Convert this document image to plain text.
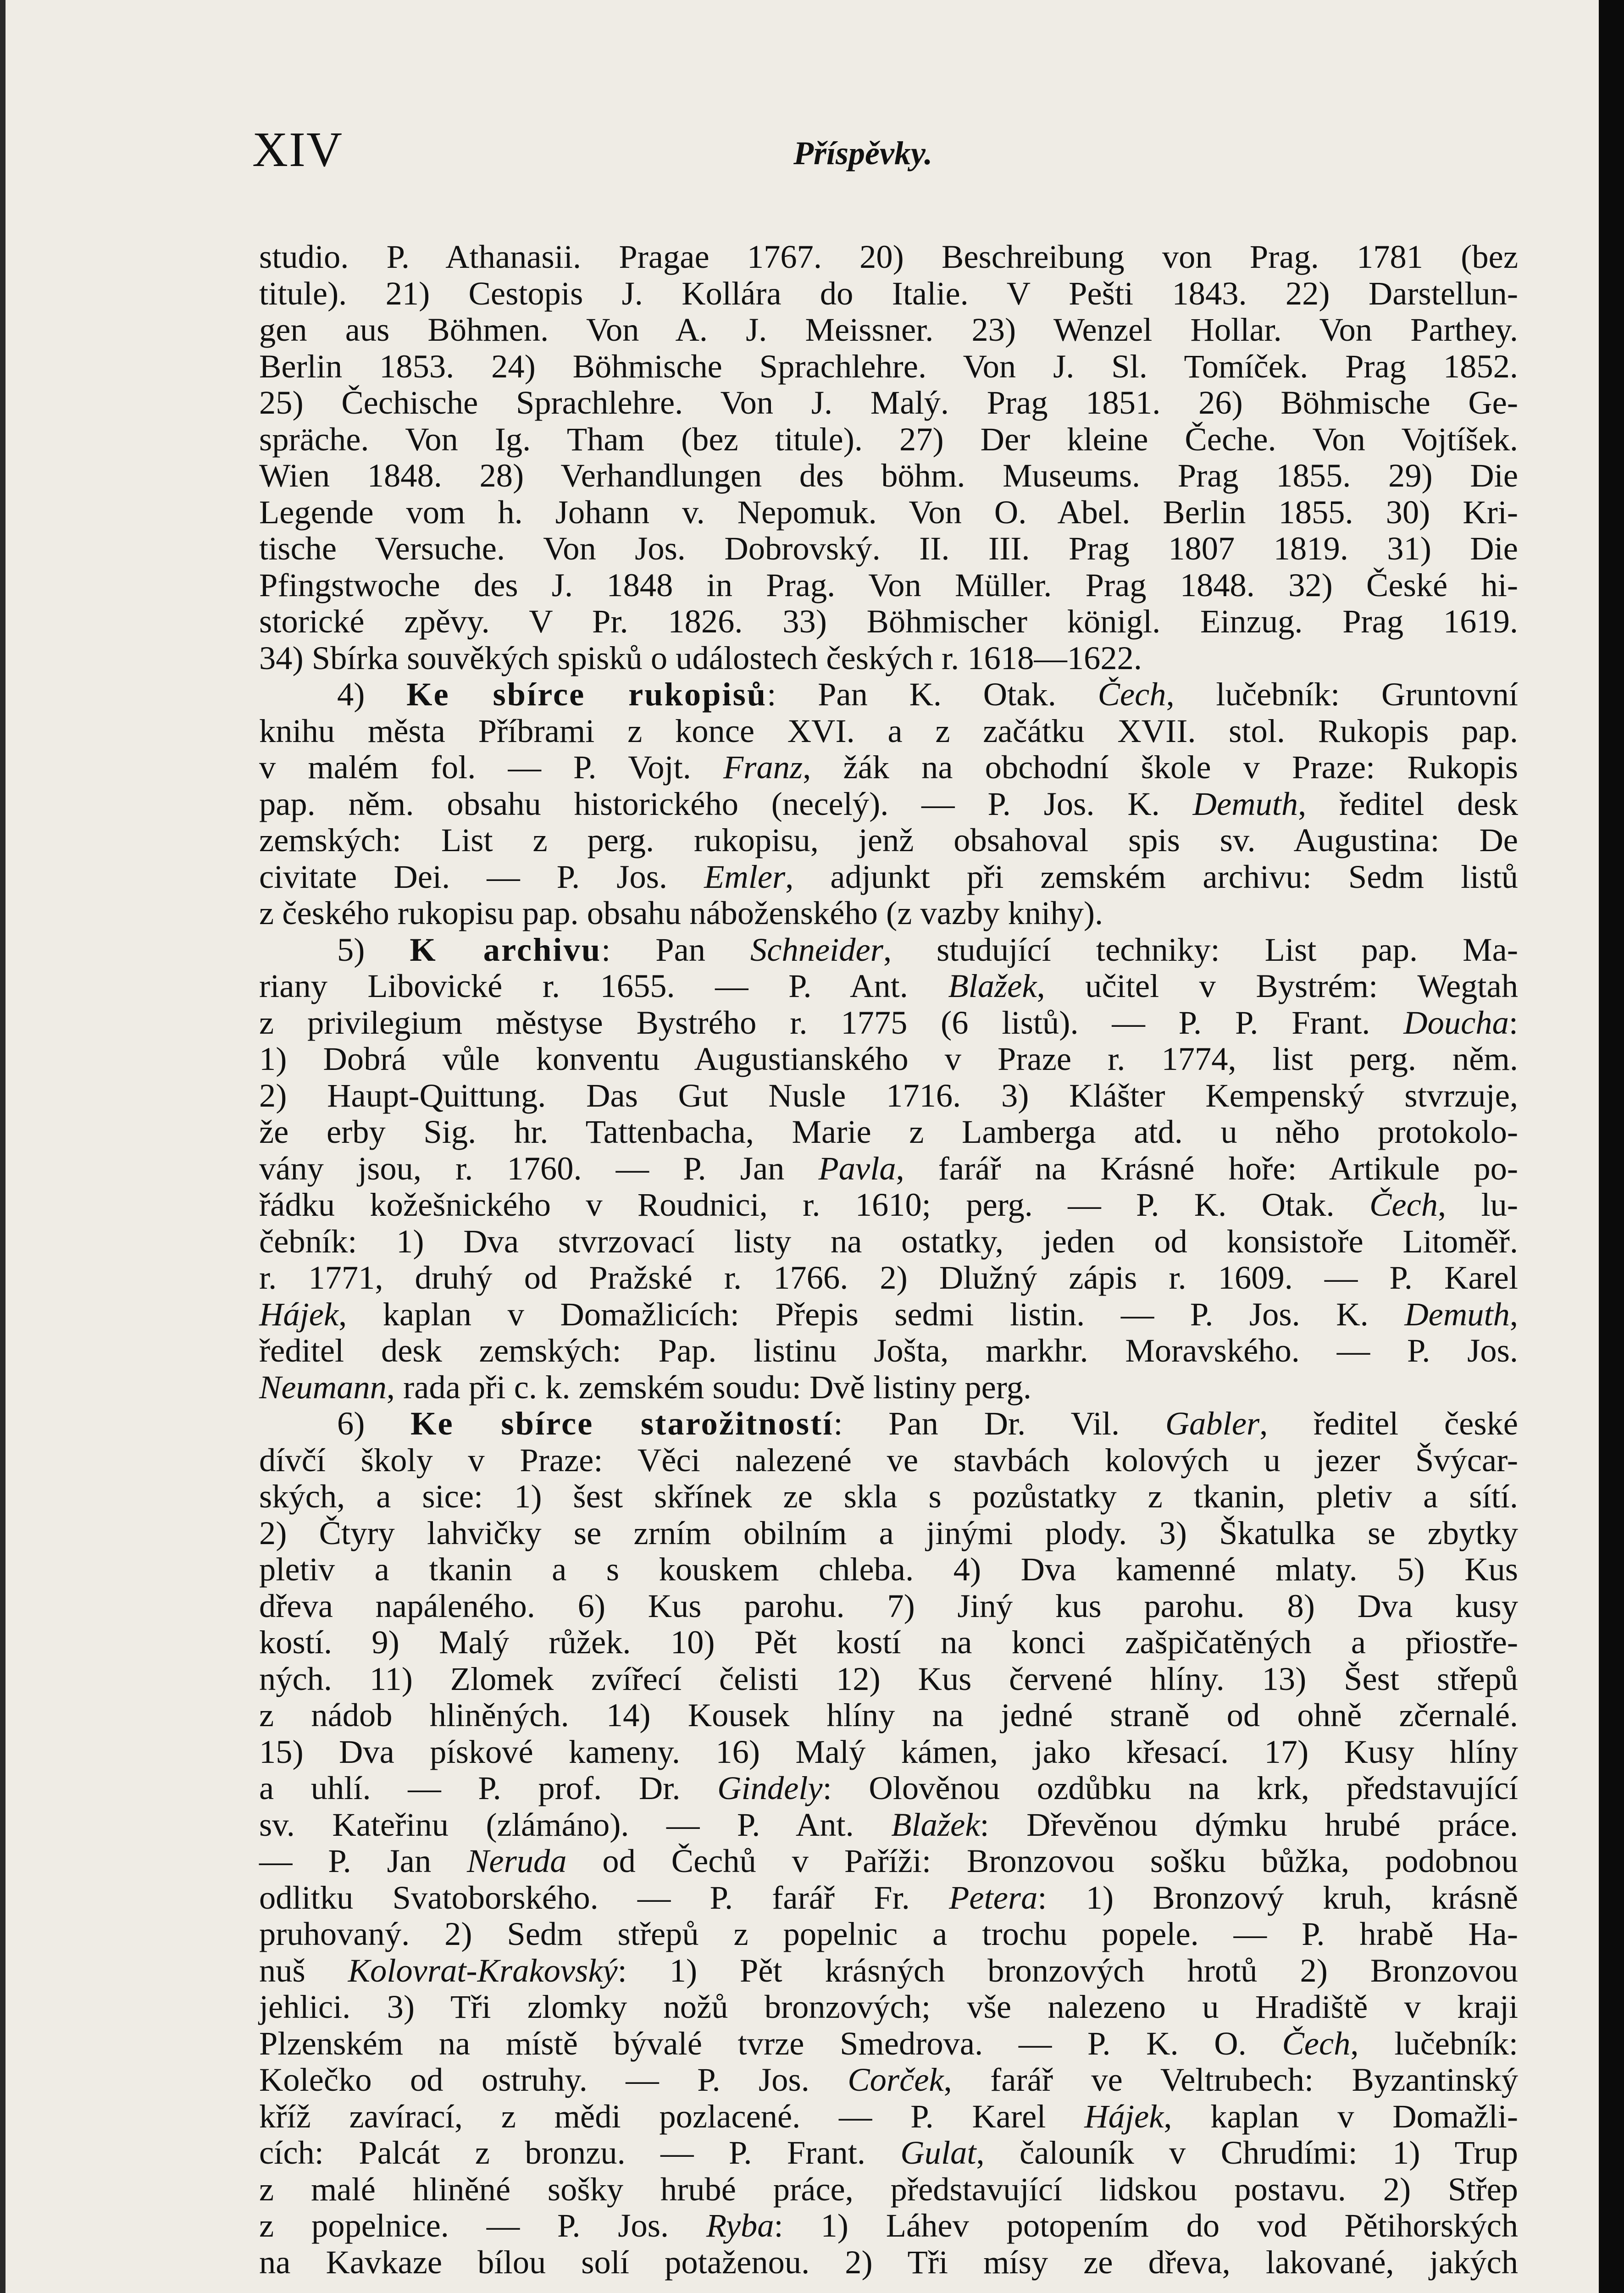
XIV	Příspěvky.
studio. P. Athanasii. Pragae 1767. 20) Beschreibung von Prag. 1781 (bez
titule). 21) Cestopis J. Kollára do Italie. V Pešti 1843. 22) Darstellun-
gen aus Böhmen. Von A. J. Meissner. 23) Wenzel Hollar. Von Parthey.
Berlin 1853. 24) Böhmische Sprachlehre. Von J. Sl. Tomíček. Prag 1852.
25) Čechische Sprachlehre. Von J. Malý. Prag 1851. 26) Böhmische Ge-
spräche. Von Ig. Tham (bez titule). 27) Der kleine Čeche. Von Vojtíšek.
Wien 1848. 28) Verhandlungen des böhm. Museums. Prag 1855. 29) Die
Legende vom h. Johann v. Nepomuk. Von O. Abel. Berlin 1855. 30) Kri-
tische Versuche. Von Jos. Dobrovský. II. III. Prag 1807 1819. 31) Die
Pfingstwoche des J. 1848 in Prag. Von Müller. Prag 1848. 32) České hi-
storické zpěvy. V Pr. 1826. 33) Böhmischer königl. Einzug. Prag 1619.
34) Sbírka souvěkých spisků o událostech českých r. 1618—1622.
4) Ke sbírce rukopisů: Pan K. Otak. Čech, lučebník: Gruntovní
knihu města Příbrami z konce XVI. a z začátku XVII. stol. Rukopis pap.
v malém fol. — P. Vojt. Franz, žák na obchodní škole v Praze: Rukopis
pap. něm. obsahu historického (necelý). — P. Jos. K. Demuth, ředitel desk
zemských: List z perg. rukopisu, jenž obsahoval spis sv. Augustina: De
civitate Dei. — P. Jos. Emler, adjunkt při zemském archivu: Sedm listů
z českého rukopisu pap. obsahu náboženského (z vazby knihy).
5) K archivu: Pan Schneider, studující techniky: List pap. Ma-
riany Libovické r. 1655. — P. Ant. Blažek, učitel v Bystrém: Wegtah
z privilegium městyse Bystrého r. 1775 (6 listů). — P. P. Frant. Doucha:
1) Dobrá vůle konventu Augustianského v Praze r. 1774, list perg. něm.
2) Haupt-Quittung. Das Gut Nusle 1716. 3) Klášter Kempenský stvrzuje,
že erby Sig. hr. Tattenbacha, Marie z Lamberga atd. u něho protokolo-
vány jsou, r. 1760. — P. Jan Pavla, farář na Krásné hoře: Artikule po-
řádku kožešnického v Roudnici, r. 1610; perg. — P. K. Otak. Čech, lu-
čebník: 1) Dva stvrzovací listy na ostatky, jeden od konsistoře Litoměř.
r. 1771, druhý od Pražské r. 1766. 2) Dlužný zápis r. 1609. — P. Karel
Hájek, kaplan v Domažlicích: Přepis sedmi listin. — P. Jos. K. Demuth,
ředitel desk zemských: Pap. listinu Jošta, markhr. Moravského. — P. Jos.
Neumann, rada při c. k. zemském soudu: Dvě listiny perg.
6) Ke sbírce starožitností: Pan Dr. Vil. Gabler, ředitel české
dívčí školy v Praze: Věci nalezené ve stavbách kolových u jezer Švýcar-
ských, a sice: 1) šest skřínek ze skla s pozůstatky z tkanin, pletiv a sítí.
2) Čtyry lahvičky se zrním obilním a jinými plody. 3) Škatulka se zbytky
pletiv a tkanin a s kouskem chleba. 4) Dva kamenné mlaty. 5) Kus
dřeva napáleného. 6) Kus parohu. 7) Jiný kus parohu. 8) Dva kusy
kostí. 9) Malý růžek. 10) Pět kostí na konci zašpičatěných a přiostře-
ných. 11) Zlomek zvířecí čelisti 12) Kus červené hlíny. 13) Šest střepů
z nádob hliněných. 14) Kousek hlíny na jedné straně od ohně zčernalé.
15) Dva pískové kameny. 16) Malý kámen, jako křesací. 17) Kusy hlíny
a uhlí. — P. prof. Dr. Gindely: Olověnou ozdůbku na krk, představující
sv. Kateřinu (zlámáno). — P. Ant. Blažek: Dřevěnou dýmku hrubé práce.
— P. Jan Neruda od Čechů v Paříži: Bronzovou sošku bůžka, podobnou
odlitku Svatoborského. — P. farář Fr. Petera: 1) Bronzový kruh, krásně
pruhovaný. 2) Sedm střepů z popelnic a trochu popele. — P. hrabě Ha-
nuš Kolovrat-Krakovský: 1) Pět krásných bronzových hrotů 2) Bronzovou
jehlici. 3) Tři zlomky nožů bronzových; vše nalezeno u Hradiště v kraji
Plzenském na místě bývalé tvrze Smedrova. — P. K. O. Čech, lučebník:
Kolečko od ostruhy. — P. Jos. Corček, farář ve Veltrubech: Byzantinský
kříž zavírací, z mědi pozlacené. — P. Karel Hájek, kaplan v Domažli-
cích: Palcát z bronzu. — P. Frant. Gulat, čalouník v Chrudími: 1) Trup
z malé hliněné sošky hrubé práce, představující lidskou postavu. 2) Střep
z popelnice. — P. Jos. Ryba: 1) Láhev potopením do vod Pětihorských
na Kavkaze bílou solí potaženou. 2) Tři mísy ze dřeva, lakované, jakých
